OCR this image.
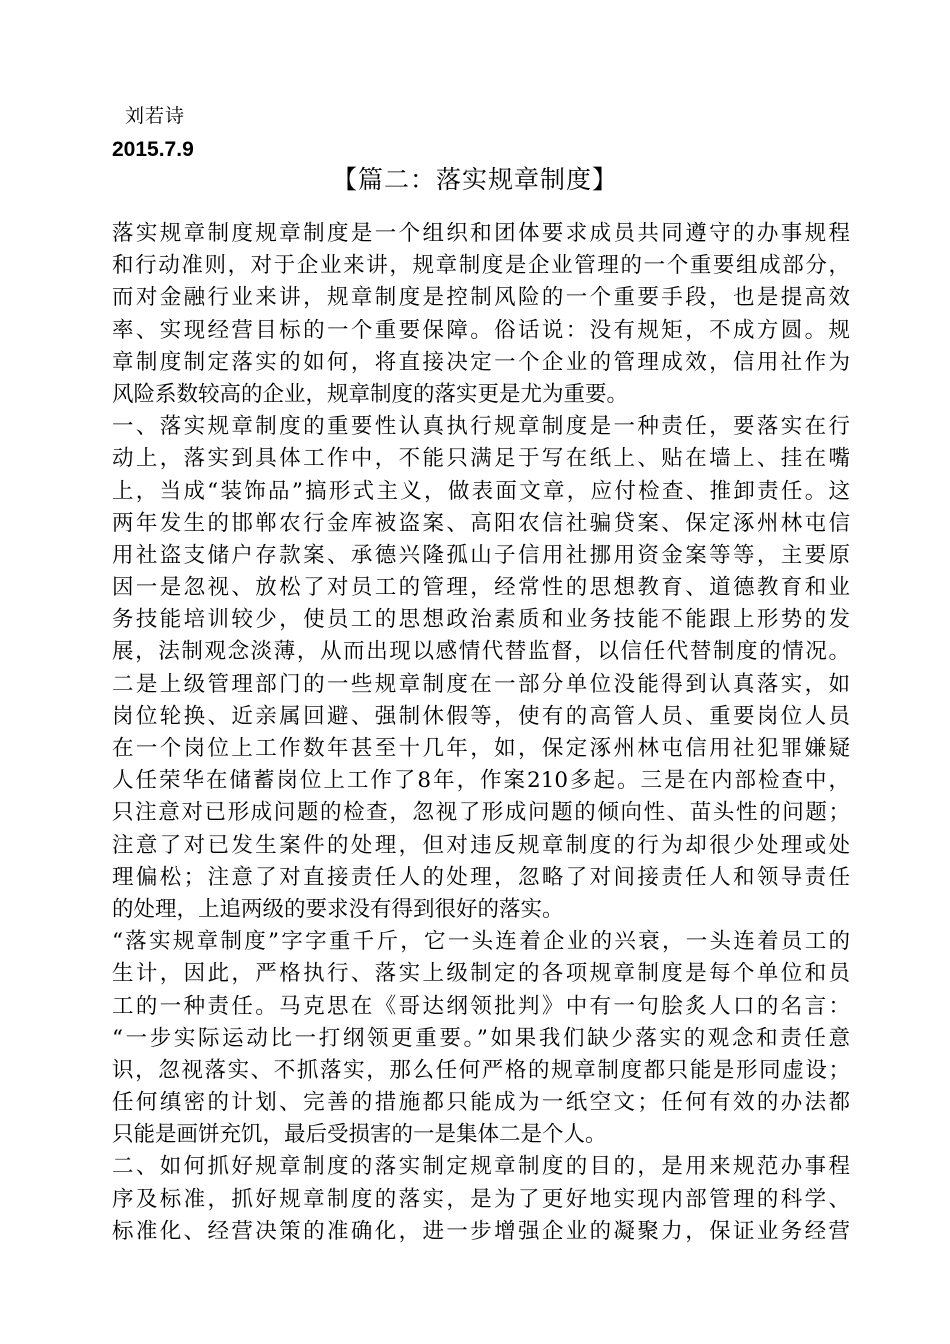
刘若诗
2015.7.9
【篇二：落实规章制度】
落实规章制度规章制度是一个组织和团体要求成员共同遵守的办事规程
和行动准则，对于企业来讲，规章制度是企业管理的一个重要组成部分，
而对金融行业来讲，规章制度是控制风险的一个重要手段，也是提高效
率、实现经营目标的一个重要保障。俗话说：没有规矩，不成方圆。规
章制度制定落实的如何，将直接决定一个企业的管理成效，信用社作为
风险系数较高的企业，规章制度的落实更是尤为重要。
一、落实规章制度的重要性认真执行规章制度是一种责任，要落实在行
动上，落实到具体工作中，不能只满足于写在纸上、贴在墙上、挂在嘴
上，当成“装饰品”搞形式主义，做表面文章，应付检查、推卸责任。这
两年发生的邯郸农行金库被盗案、高阳农信社骗贷案、保定涿州林屯信
用社盗支储户存款案、承德兴隆孤山子信用社挪用资金案等等，主要原
因一是忽视、放松了对员工的管理，经常性的思想教育、道德教育和业
务技能培训较少，使员工的思想政治素质和业务技能不能跟上形势的发
展，法制观念淡薄，从而出现以感情代替监督，以信任代替制度的情况。
二是上级管理部门的一些规章制度在一部分单位没能得到认真落实，如
岗位轮换、近亲属回避、强制休假等，使有的高管人员、重要岗位人员
在一个岗位上工作数年甚至十几年，如，保定涿州林屯信用社犯罪嫌疑
人任荣华在储蓄岗位上工作了8年，作案210多起。三是在内部检查中，
只注意对已形成问题的检查，忽视了形成问题的倾向性、苗头性的问题；
注意了对已发生案件的处理，但对违反规章制度的行为却很少处理或处
理偏松；注意了对直接责任人的处理，忽略了对间接责任人和领导责任
的处理，上追两级的要求没有得到很好的落实。
“落实规章制度”字字重千斤，它一头连着企业的兴衰，一头连着员工的
生计，因此，严格执行、落实上级制定的各项规章制度是每个单位和员
工的一种责任。马克思在《哥达纲领批判》中有一句脍炙人口的名言：
“一步实际运动比一打纲领更重要。”如果我们缺少落实的观念和责任意
识，忽视落实、不抓落实，那么任何严格的规章制度都只能是形同虚设；
任何缜密的计划、完善的措施都只能成为一纸空文；任何有效的办法都
只能是画饼充饥，最后受损害的一是集体二是个人。
二、如何抓好规章制度的落实制定规章制度的目的，是用来规范办事程
序及标准，抓好规章制度的落实，是为了更好地实现内部管理的科学、
标准化、经营决策的准确化，进一步增强企业的凝聚力，保证业务经营
